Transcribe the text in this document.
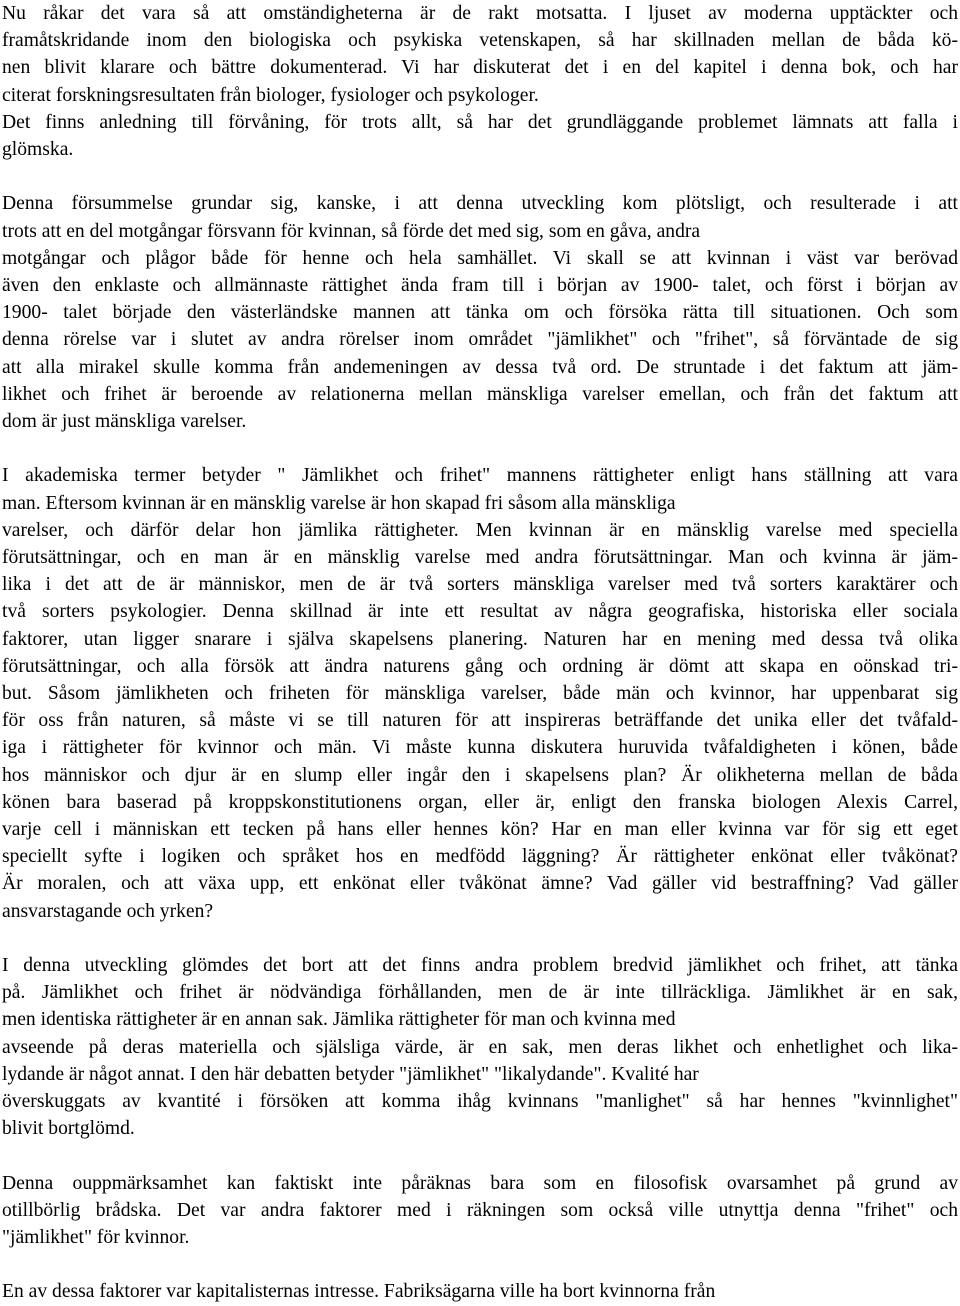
Nu råkar det vara så att omständigheterna är de rakt motsatta. I ljuset av moderna upptäckter och
framåtskridande inom den biologiska och psykiska vetenskapen, så har skillnaden mellan de båda kö-
nen blivit klarare och bättre dokumenterad. Vi har diskuterat det i en del kapitel i denna bok, och har
citerat forskningsresultaten från biologer, fysiologer och psykologer.
Det finns anledning till förvåning, för trots allt, så har det grundläggande problemet lämnats att falla i
glömska.
Denna försummelse grundar sig, kanske, i att denna utveckling kom plötsligt, och resulterade i att
trots att en del motgångar försvann för kvinnan, så förde det med sig, som en gåva, andra
motgångar och plågor både för henne och hela samhället. Vi skall se att kvinnan i väst var berövad
även den enklaste och allmännaste rättighet ända fram till i början av 1900- talet, och först i början av
1900- talet började den västerländske mannen att tänka om och försöka rätta till situationen. Och som
denna rörelse var i slutet av andra rörelser inom området "jämlikhet" och "frihet", så förväntade de sig
att alla mirakel skulle komma från andemeningen av dessa två ord. De struntade i det faktum att jäm-
likhet och frihet är beroende av relationerna mellan mänskliga varelser emellan, och från det faktum att
dom är just mänskliga varelser.
I akademiska termer betyder " Jämlikhet och frihet" mannens rättigheter enligt hans ställning att vara
man. Eftersom kvinnan är en mänsklig varelse är hon skapad fri såsom alla mänskliga
varelser, och därför delar hon jämlika rättigheter. Men kvinnan är en mänsklig varelse med speciella
förutsättningar, och en man är en mänsklig varelse med andra förutsättningar. Man och kvinna är jäm-
lika i det att de är människor, men de är två sorters mänskliga varelser med två sorters karaktärer och
två sorters psykologier. Denna skillnad är inte ett resultat av några geografiska, historiska eller sociala
faktorer, utan ligger snarare i själva skapelsens planering. Naturen har en mening med dessa två olika
förutsättningar, och alla försök att ändra naturens gång och ordning är dömt att skapa en oönskad tri-
but. Såsom jämlikheten och friheten för mänskliga varelser, både män och kvinnor, har uppenbarat sig
för oss från naturen, så måste vi se till naturen för att inspireras beträffande det unika eller det tvåfald-
iga i rättigheter för kvinnor och män. Vi måste kunna diskutera huruvida tvåfaldigheten i könen, både
hos människor och djur är en slump eller ingår den i skapelsens plan? Är olikheterna mellan de båda
könen bara baserad på kroppskonstitutionens organ, eller är, enligt den franska biologen Alexis Carrel,
varje cell i människan ett tecken på hans eller hennes kön? Har en man eller kvinna var för sig ett eget
speciellt syfte i logiken och språket hos en medfödd läggning? Är rättigheter enkönat eller tvåkönat?
Är moralen, och att växa upp, ett enkönat eller tvåkönat ämne? Vad gäller vid bestraffning? Vad gäller
ansvarstagande och yrken?
I denna utveckling glömdes det bort att det finns andra problem bredvid jämlikhet och frihet, att tänka
på. Jämlikhet och frihet är nödvändiga förhållanden, men de är inte tillräckliga. Jämlikhet är en sak,
men identiska rättigheter är en annan sak. Jämlika rättigheter för man och kvinna med
avseende på deras materiella och själsliga värde, är en sak, men deras likhet och enhetlighet och lika-
lydande är något annat. I den här debatten betyder "jämlikhet" "likalydande". Kvalité har
överskuggats av kvantité i försöken att komma ihåg kvinnans "manlighet" så har hennes "kvinnlighet"
blivit bortglömd.
Denna ouppmärksamhet kan faktiskt inte påräknas bara som en filosofisk ovarsamhet på grund av
otillbörlig brådska. Det var andra faktorer med i räkningen som också ville utnyttja denna "frihet" och
"jämlikhet" för kvinnor.
En av dessa faktorer var kapitalisternas intresse. Fabriksägarna ville ha bort kvinnorna från
